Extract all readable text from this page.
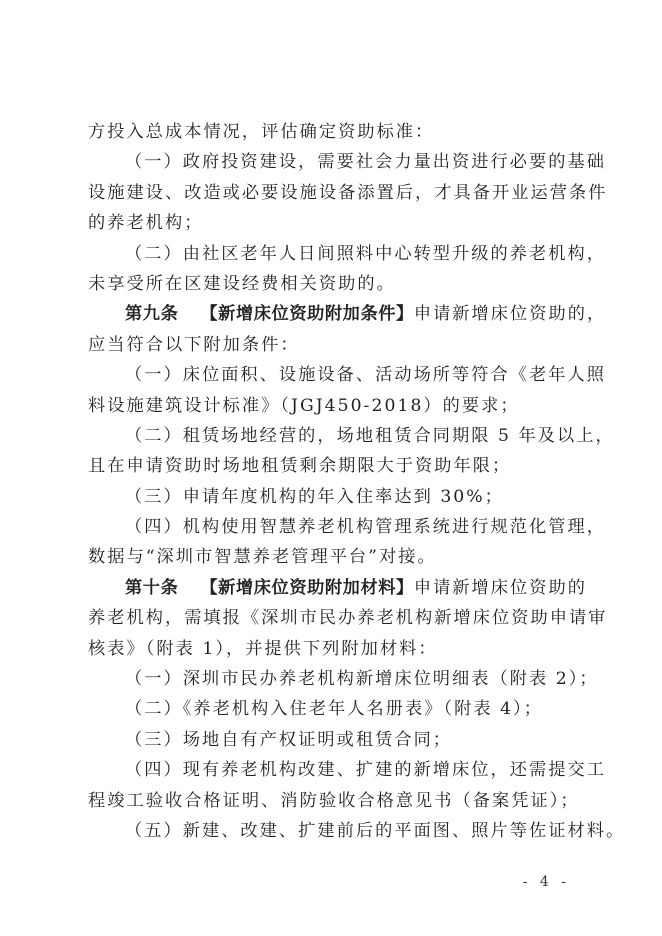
方投入总成本情况，评估确定资助标准：
（一）政府投资建设，需要社会力量出资进行必要的基础
设施建设、改造或必要设施设备添置后，才具备开业运营条件
的养老机构；
（二）由社区老年人日间照料中心转型升级的养老机构，
未享受所在区建设经费相关资助的。
第九条 【新增床位资助附加条件】申请新增床位资助的，
应当符合以下附加条件：
（一）床位面积、设施设备、活动场所等符合《老年人照
料设施建筑设计标准》（JGJ450-2018）的要求；
（二）租赁场地经营的，场地租赁合同期限 5 年及以上，
且在申请资助时场地租赁剩余期限大于资助年限；
（三）申请年度机构的年入住率达到 30%；
（四）机构使用智慧养老机构管理系统进行规范化管理，
数据与“深圳市智慧养老管理平台”对接。
第十条 【新增床位资助附加材料】申请新增床位资助的
养老机构，需填报《深圳市民办养老机构新增床位资助申请审
核表》（附表 1），并提供下列附加材料：
（一）深圳市民办养老机构新增床位明细表（附表 2）；
（二）《养老机构入住老年人名册表》（附表 4）；
（三）场地自有产权证明或租赁合同；
（四）现有养老机构改建、扩建的新增床位，还需提交工
程竣工验收合格证明、消防验收合格意见书（备案凭证）；
（五）新建、改建、扩建前后的平面图、照片等佐证材料。
- 4 -
